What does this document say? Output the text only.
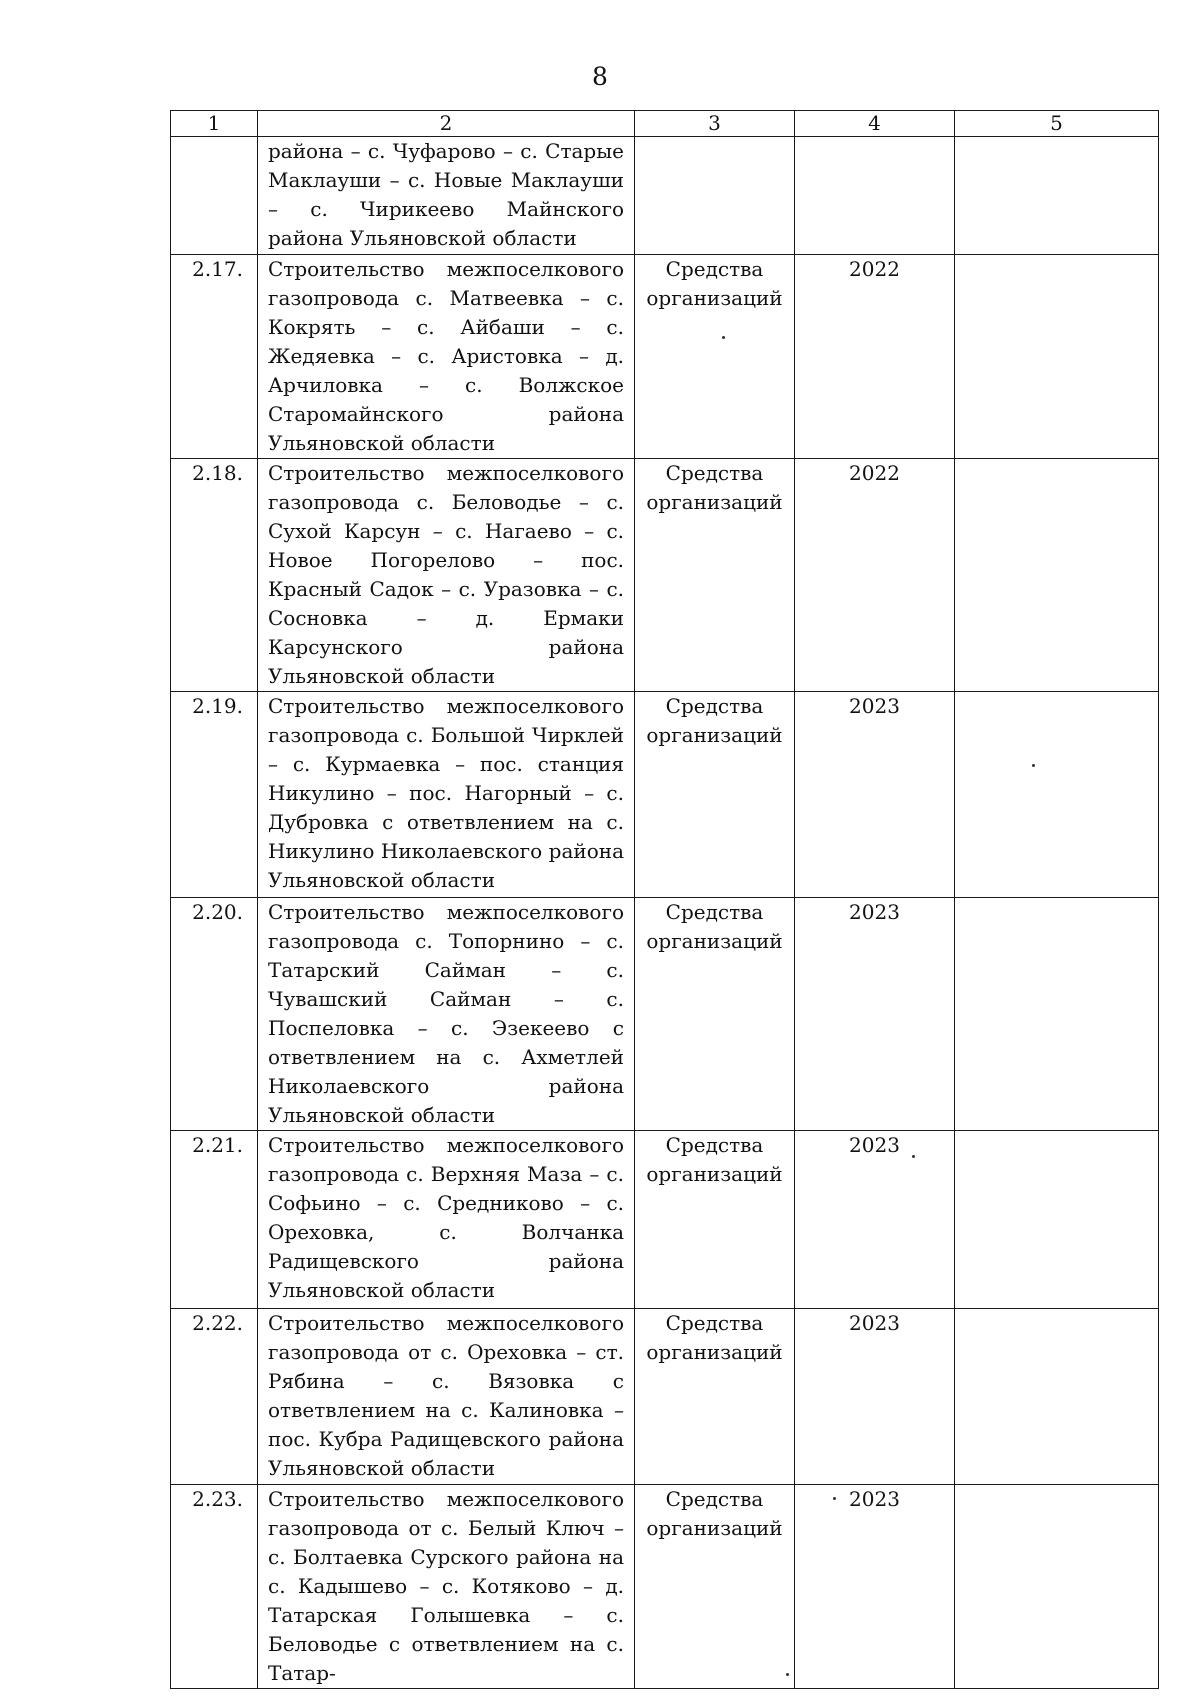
8
1	2	3	4	5

	района – с. Чуфарово – с. Старые Маклауши – с. Новые Маклауши – с. Чирикеево Майнского района Ульяновской области			

2.17.	Строительство межпоселкового газопровода с. Матвеевка – с. Кокрять – с. Айбаши – с. Жедяевка – с. Аристовка – д. Арчиловка – с. Волжское Старомайнского района Ульяновской области	Средства организаций	2022	
2.18.	Строительство межпоселкового газопровода с. Беловодье – с. Сухой Карсун – с. Нагаево – с. Новое Погорелово – пос. Красный Садок – с. Уразовка – с. Сосновка – д. Ермаки Карсунского района Ульяновской области	Средства организаций	2022	
2.19.	Строительство межпоселкового газопровода с. Большой Чирклей – с. Курмаевка – пос. станция Никулино – пос. Нагорный – с. Дубровка с ответвлением на с. Никулино Николаевского района Ульяновской области	Средства организаций	2023	
2.20.	Строительство межпоселкового газопровода с. Топорнино – с. Татарский Сайман – с. Чувашский Сайман – с. Поспеловка – с. Эзекеево с ответвлением на с. Ахметлей Николаевского района Ульяновской области	Средства организаций	2023	
2.21.	Строительство межпоселкового газопровода с. Верхняя Маза – с. Софьино – с. Средниково – с. Ореховка, с. Волчанка Радищевского района Ульяновской области	Средства организаций	2023	
2.22.	Строительство межпоселкового газопровода от с. Ореховка – ст. Рябина – с. Вязовка с ответвлением на с. Калиновка – пос. Кубра Радищевского района Ульяновской области	Средства организаций	2023	
2.23.	Строительство межпоселкового газопровода от с. Белый Ключ – с. Болтаевка Сурского района на с. Кадышево – с. Котяково – д. Татарская Голышевка – с. Беловодье с ответвлением на с. Татар-	Средства организаций	2023	
